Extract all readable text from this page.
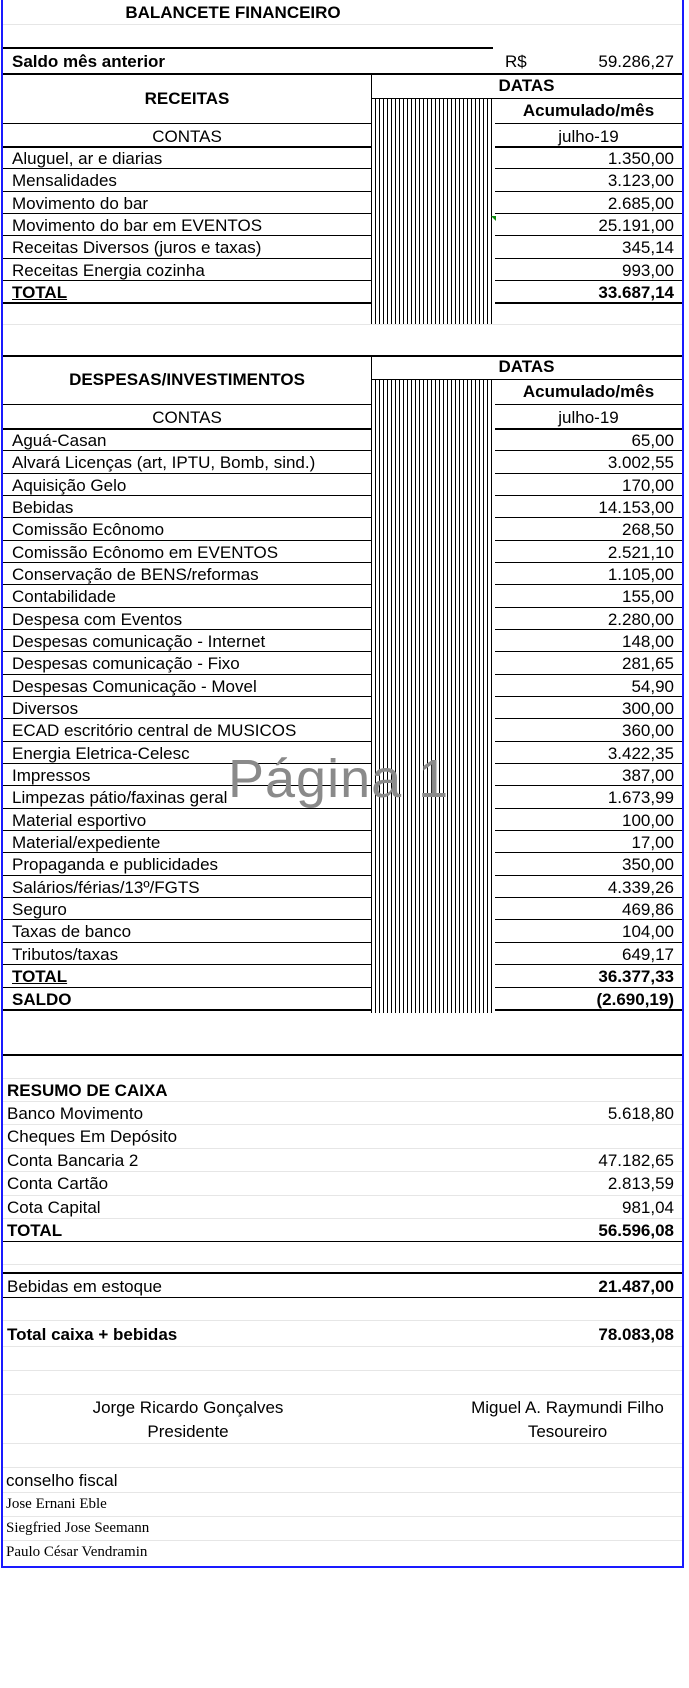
BALANCETE FINANCEIRO
Saldo mês anterior	R$	59.286,27
RECEITAS
DATAS
Acumulado/mês
CONTAS	julho-19
Aluguel, ar e diarias	1.350,00
Mensalidades	3.123,00
Movimento do bar	2.685,00
Movimento do bar em EVENTOS	25.191,00
Receitas Diversos (juros e taxas)	345,14
Receitas Energia cozinha	993,00
TOTAL	33.687,14
DESPESAS/INVESTIMENTOS
DATAS
Acumulado/mês
CONTAS	julho-19
Aguá-Casan	65,00
Alvará Licenças (art, IPTU, Bomb, sind.)	3.002,55
Aquisição Gelo	170,00
Bebidas	14.153,00
Comissão Ecônomo	268,50
Comissão Ecônomo em EVENTOS	2.521,10
Conservação de BENS/reformas	1.105,00
Contabilidade	155,00
Despesa com Eventos	2.280,00
Despesas comunicação - Internet	148,00
Despesas comunicação - Fixo	281,65
Despesas Comunicação - Movel	54,90
Diversos	300,00
ECAD escritório central de MUSICOS	360,00
Energia Eletrica-Celesc	3.422,35
Impressos	387,00
Limpezas pátio/faxinas geral	1.673,99
Material esportivo	100,00
Material/expediente	17,00
Propaganda e publicidades	350,00
Salários/férias/13º/FGTS	4.339,26
Seguro	469,86
Taxas de banco	104,00
Tributos/taxas	649,17
TOTAL	36.377,33
SALDO	(2.690,19)
Página 1
RESUMO DE CAIXA
Banco Movimento	5.618,80
Cheques Em Depósito
Conta Bancaria 2	47.182,65
Conta Cartão	2.813,59
Cota Capital	981,04
TOTAL	56.596,08
Bebidas em estoque	21.487,00
Total caixa + bebidas	78.083,08
Jorge Ricardo Gonçalves
Presidente
Miguel A. Raymundi Filho
Tesoureiro
conselho fiscal
Jose Ernani Eble
Siegfried Jose Seemann
Paulo César Vendramin
